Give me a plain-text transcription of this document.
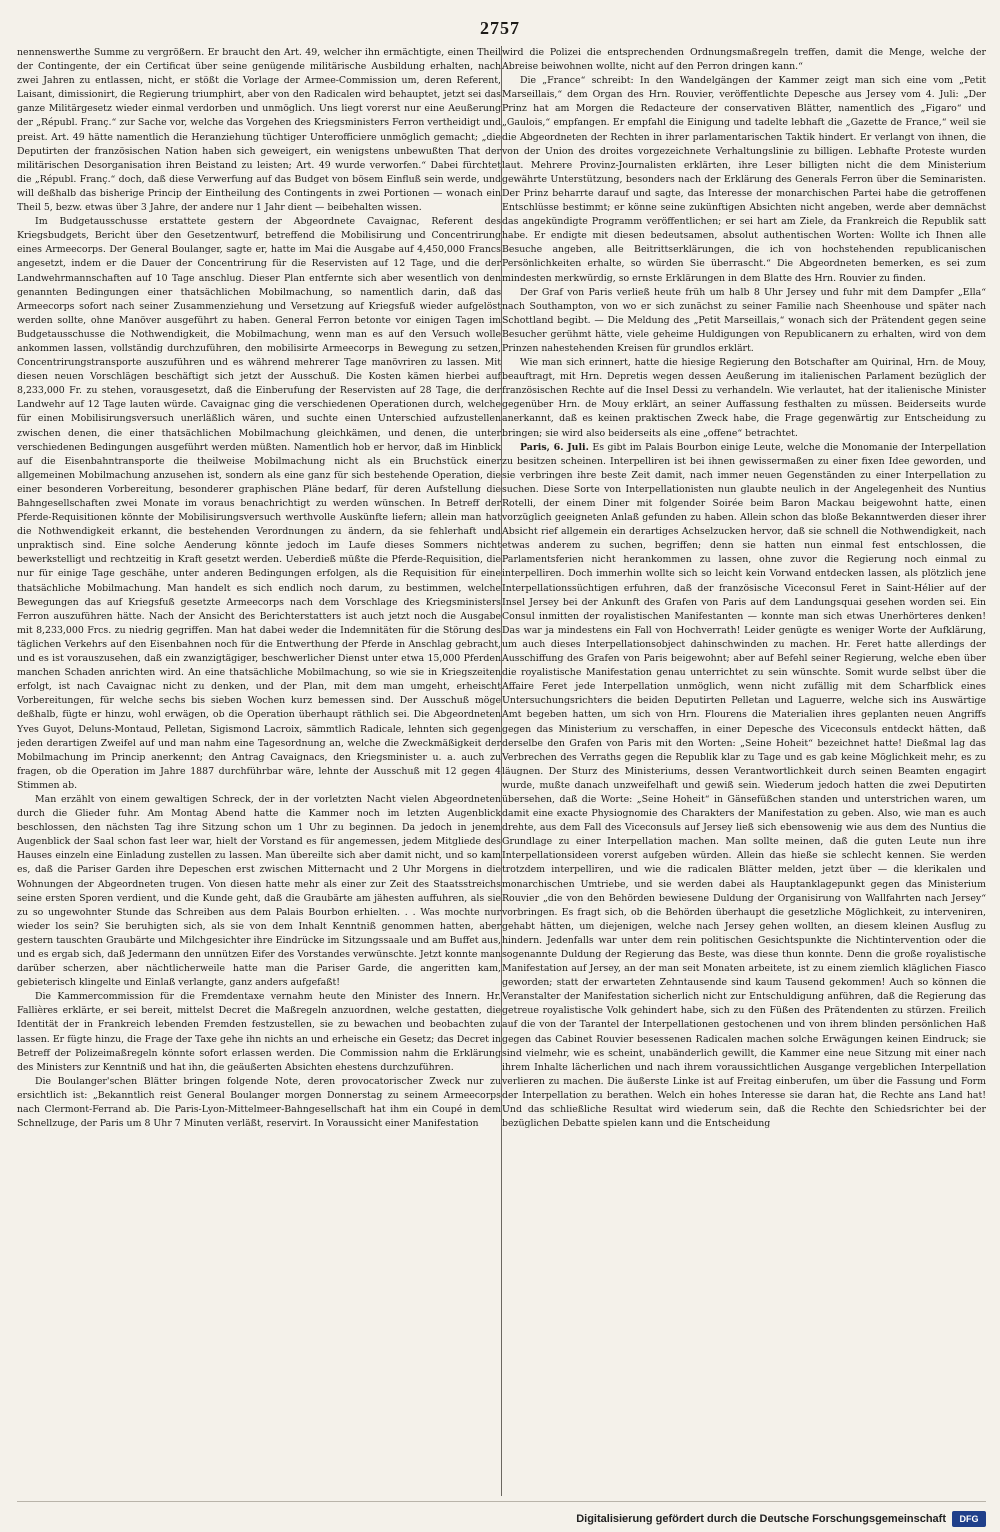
2757

nennenswerthe Summe zu vergrößern. Er braucht den Art. 49, welcher ihn ermächtigte, einen Theil der Contingente, der ein Certificat über seine genügende militärische Ausbildung erhalten, nach zwei Jahren zu entlassen, nicht, er stößt die Vorlage der Armee-Commission um, deren Referent, Laisant, dimissionirt, die Regierung triumphirt, aber von den Radicalen wird behauptet, jetzt sei das ganze Militärgesetz wieder einmal verdorben und unmöglich. Uns liegt vorerst nur eine Aeußerung der „Républ. Franç.“ zur Sache vor, welche das Vorgehen des Kriegsministers Ferron vertheidigt und preist. Art. 49 hätte namentlich die Heranziehung tüchtiger Unterofficiere unmöglich gemacht; „die Deputirten der französischen Nation haben sich geweigert, ein wenigstens unbewußten That der militärischen Desorganisation ihren Beistand zu leisten; Art. 49 wurde verworfen.“ Dabei fürchtet die „Républ. Franç.“ doch, daß diese Verwerfung auf das Budget von bösem Einfluß sein werde, und will deßhalb das bisherige Princip der Eintheilung des Contingents in zwei Portionen — wonach ein Theil 5, bezw. etwas über 3 Jahre, der andere nur 1 Jahr dient — beibehalten wissen.

Im Budgetausschusse erstattete gestern der Abgeordnete Cavaignac, Referent des Kriegsbudgets, Bericht über den Gesetzentwurf, betreffend die Mobilisirung und Concentrirung eines Armeecorps. Der General Boulanger, sagte er, hatte im Mai die Ausgabe auf 4,450,000 Francs angesetzt, indem er die Dauer der Concentrirung für die Reservisten auf 12 Tage, und die der Landwehrmannschaften auf 10 Tage anschlug. Dieser Plan entfernte sich aber wesentlich von den genannten Bedingungen einer thatsächlichen Mobilmachung, so namentlich darin, daß das Armeecorps sofort nach seiner Zusammenziehung und Versetzung auf Kriegsfuß wieder aufgelöst werden sollte, ohne Manöver ausgeführt zu haben. General Ferron betonte vor einigen Tagen im Budgetausschusse die Nothwendigkeit, die Mobilmachung, wenn man es auf den Versuch wolle ankommen lassen, vollständig durchzuführen, den mobilisirte Armeecorps in Bewegung zu setzen, Concentrirungstransporte auszuführen und es während mehrerer Tage manövriren zu lassen. Mit diesen neuen Vorschlägen beschäftigt sich jetzt der Ausschuß. Die Kosten kämen hierbei auf 8,233,000 Fr. zu stehen, vorausgesetzt, daß die Einberufung der Reservisten auf 28 Tage, die der Landwehr auf 12 Tage lauten würde. Cavaignac ging die verschiedenen Operationen durch, welche für einen Mobilisirungsversuch unerläßlich wären, und suchte einen Unterschied aufzustellen zwischen denen, die einer thatsächlichen Mobilmachung gleichkämen, und denen, die unter verschiedenen Bedingungen ausgeführt werden müßten. Namentlich hob er hervor, daß im Hinblick auf die Eisenbahntransporte die theilweise Mobilmachung nicht als ein Bruchstück einer allgemeinen Mobilmachung anzusehen ist, sondern als eine ganz für sich bestehende Operation, die einer besonderen Vorbereitung, besonderer graphischen Pläne bedarf, für deren Aufstellung die Bahngesellschaften zwei Monate im voraus benachrichtigt zu werden wünschen. In Betreff der Pferde-Requisitionen könnte der Mobilisirungsversuch werthvolle Auskünfte liefern; allein man hat die Nothwendigkeit erkannt, die bestehenden Verordnungen zu ändern, da sie fehlerhaft und unpraktisch sind. Eine solche Aenderung könnte jedoch im Laufe dieses Sommers nicht bewerkstelligt und rechtzeitig in Kraft gesetzt werden. Ueberdieß müßte die Pferde-Requisition, die nur für einige Tage geschähe, unter anderen Bedingungen erfolgen, als die Requisition für eine thatsächliche Mobilmachung. Man handelt es sich endlich noch darum, zu bestimmen, welche Bewegungen das auf Kriegsfuß gesetzte Armeecorps nach dem Vorschlage des Kriegsministers Ferron auszuführen hätte. Nach der Ansicht des Berichterstatters ist auch jetzt noch die Ausgabe mit 8,233,000 Frcs. zu niedrig gegriffen. Man hat dabei weder die Indemnitäten für die Störung des täglichen Verkehrs auf den Eisenbahnen noch für die Entwerthung der Pferde in Anschlag gebracht, und es ist vorauszusehen, daß ein zwanzigtägiger, beschwerlicher Dienst unter etwa 15,000 Pferden manchen Schaden anrichten wird. An eine thatsächliche Mobilmachung, so wie sie in Kriegszeiten erfolgt, ist nach Cavaignac nicht zu denken, und der Plan, mit dem man umgeht, erheischt Vorbereitungen, für welche sechs bis sieben Wochen kurz bemessen sind. Der Ausschuß möge deßhalb, fügte er hinzu, wohl erwägen, ob die Operation überhaupt räthlich sei. Die Abgeordneten Yves Guyot, Deluns-Montaud, Pelletan, Sigismond Lacroix, sämmtlich Radicale, lehnten sich gegen jeden derartigen Zweifel auf und man nahm eine Tagesordnung an, welche die Zweckmäßigkeit der Mobilmachung im Princip anerkennt; den Antrag Cavaignacs, den Kriegsminister u. a. auch zu fragen, ob die Operation im Jahre 1887 durchführbar wäre, lehnte der Ausschuß mit 12 gegen 4 Stimmen ab.

Man erzählt von einem gewaltigen Schreck, der in der vorletzten Nacht vielen Abgeordneten durch die Glieder fuhr. Am Montag Abend hatte die Kammer noch im letzten Augenblick beschlossen, den nächsten Tag ihre Sitzung schon um 1 Uhr zu beginnen. Da jedoch in jenem Augenblick der Saal schon fast leer war, hielt der Vorstand es für angemessen, jedem Mitgliede des Hauses einzeln eine Einladung zustellen zu lassen. Man übereilte sich aber damit nicht, und so kam es, daß die Pariser Garden ihre Depeschen erst zwischen Mitternacht und 2 Uhr Morgens in die Wohnungen der Abgeordneten trugen. Von diesen hatte mehr als einer zur Zeit des Staatsstreichs seine ersten Sporen verdient, und die Kunde geht, daß die Graubärte am jähesten auffuhren, als sie zu so ungewohnter Stunde das Schreiben aus dem Palais Bourbon erhielten. . . Was mochte nur wieder los sein? Sie beruhigten sich, als sie von dem Inhalt Kenntniß genommen hatten, aber gestern tauschten Graubärte und Milchgesichter ihre Eindrücke im Sitzungssaale und am Buffet aus, und es ergab sich, daß Jedermann den unnützen Eifer des Vorstandes verwünschte. Jetzt konnte man darüber scherzen, aber nächtlicherweile hatte man die Pariser Garde, die angeritten kam, gebieterisch klingelte und Einlaß verlangte, ganz anders aufgefaßt!

Die Kammercommission für die Fremdentaxe vernahm heute den Minister des Innern. Hr. Fallières erklärte, er sei bereit, mittelst Decret die Maßregeln anzuordnen, welche gestatten, die Identität der in Frankreich lebenden Fremden festzustellen, sie zu bewachen und beobachten zu lassen. Er fügte hinzu, die Frage der Taxe gehe ihn nichts an und erheische ein Gesetz; das Decret in Betreff der Polizeimaßregeln könnte sofort erlassen werden. Die Commission nahm die Erklärung des Ministers zur Kenntniß und hat ihn, die geäußerten Absichten ehestens durchzuführen.

Die Boulanger'schen Blätter bringen folgende Note, deren provocatorischer Zweck nur zu ersichtlich ist: „Bekanntlich reist General Boulanger morgen Donnerstag zu seinem Armeecorps nach Clermont-Ferrand ab. Die Paris-Lyon-Mittelmeer-Bahngesellschaft hat ihm ein Coupé in dem Schnellzuge, der Paris um 8 Uhr 7 Minuten verläßt, reservirt. In Voraussicht einer Manifestation

wird die Polizei die entsprechenden Ordnungsmaßregeln treffen, damit die Menge, welche der Abreise beiwohnen wollte, nicht auf den Perron dringen kann.“

Die „France“ schreibt: In den Wandelgängen der Kammer zeigt man sich eine vom „Petit Marseillais,“ dem Organ des Hrn. Rouvier, veröffentlichte Depesche aus Jersey vom 4. Juli: „Der Prinz hat am Morgen die Redacteure der conservativen Blätter, namentlich des „Figaro“ und „Gaulois,“ empfangen. Er empfahl die Einigung und tadelte lebhaft die „Gazette de France,“ weil sie die Abgeordneten der Rechten in ihrer parlamentarischen Taktik hindert. Er verlangt von ihnen, die von der Union des droites vorgezeichnete Verhaltungslinie zu billigen. Lebhafte Proteste wurden laut. Mehrere Provinz-Journalisten erklärten, ihre Leser billigten nicht die dem Ministerium gewährte Unterstützung, besonders nach der Erklärung des Generals Ferron über die Seminaristen. Der Prinz beharrte darauf und sagte, das Interesse der monarchischen Partei habe die getroffenen Entschlüsse bestimmt; er könne seine zukünftigen Absichten nicht angeben, werde aber demnächst das angekündigte Programm veröffentlichen; er sei hart am Ziele, da Frankreich die Republik satt habe. Er endigte mit diesen bedeutsamen, absolut authentischen Worten: Wollte ich Ihnen alle Besuche angeben, alle Beitrittserklärungen, die ich von hochstehenden republicanischen Persönlichkeiten erhalte, so würden Sie überrascht.“ Die Abgeordneten bemerken, es sei zum mindesten merkwürdig, so ernste Erklärungen in dem Blatte des Hrn. Rouvier zu finden.

Der Graf von Paris verließ heute früh um halb 8 Uhr Jersey und fuhr mit dem Dampfer „Ella“ nach Southampton, von wo er sich zunächst zu seiner Familie nach Sheenhouse und später nach Schottland begibt. — Die Meldung des „Petit Marseillais,“ wonach sich der Prätendent gegen seine Besucher gerühmt hätte, viele geheime Huldigungen von Republicanern zu erhalten, wird von dem Prinzen nahestehenden Kreisen für grundlos erklärt.

Wie man sich erinnert, hatte die hiesige Regierung den Botschafter am Quirinal, Hrn. de Mouy, beauftragt, mit Hrn. Depretis wegen dessen Aeußerung im italienischen Parlament bezüglich der französischen Rechte auf die Insel Dessi zu verhandeln. Wie verlautet, hat der italienische Minister gegenüber Hrn. de Mouy erklärt, an seiner Auffassung festhalten zu müssen. Beiderseits wurde anerkannt, daß es keinen praktischen Zweck habe, die Frage gegenwärtig zur Entscheidung zu bringen; sie wird also beiderseits als eine „offene“ betrachtet.

Paris, 6. Juli. Es gibt im Palais Bourbon einige Leute, welche die Monomanie der Interpellation zu besitzen scheinen. Interpelliren ist bei ihnen gewissermaßen zu einer fixen Idee geworden, und sie verbringen ihre beste Zeit damit, nach immer neuen Gegenständen zu einer Interpellation zu suchen. Diese Sorte von Interpellationisten nun glaubte neulich in der Angelegenheit des Nuntius Rotelli, der einem Diner mit folgender Soirée beim Baron Mackau beigewohnt hatte, einen vorzüglich geeigneten Anlaß gefunden zu haben. Allein schon das bloße Bekanntwerden dieser ihrer Absicht rief allgemein ein derartiges Achselzucken hervor, daß sie schnell die Nothwendigkeit, nach etwas anderem zu suchen, begriffen; denn sie hatten nun einmal fest entschlossen, die Parlamentsferien nicht herankommen zu lassen, ohne zuvor die Regierung noch einmal zu interpelliren. Doch immerhin wollte sich so leicht kein Vorwand entdecken lassen, als plötzlich jene Interpellationssüchtigen erfuhren, daß der französische Viceconsul Feret in Saint-Hélier auf der Insel Jersey bei der Ankunft des Grafen von Paris auf dem Landungsquai gesehen worden sei. Ein Consul inmitten der royalistischen Manifestanten — konnte man sich etwas Unerhörteres denken! Das war ja mindestens ein Fall von Hochverrath! Leider genügte es weniger Worte der Aufklärung, um auch dieses Interpellationsobject dahinschwinden zu machen. Hr. Feret hatte allerdings der Ausschiffung des Grafen von Paris beigewohnt; aber auf Befehl seiner Regierung, welche eben über die royalistische Manifestation genau unterrichtet zu sein wünschte. Somit wurde selbst über die Affaire Feret jede Interpellation unmöglich, wenn nicht zufällig mit dem Scharfblick eines Untersuchungsrichters die beiden Deputirten Pelletan und Laguerre, welche sich ins Auswärtige Amt begeben hatten, um sich von Hrn. Flourens die Materialien ihres geplanten neuen Angriffs gegen das Ministerium zu verschaffen, in einer Depesche des Viceconsuls entdeckt hätten, daß derselbe den Grafen von Paris mit den Worten: „Seine Hoheit“ bezeichnet hatte! Dießmal lag das Verbrechen des Verraths gegen die Republik klar zu Tage und es gab keine Möglichkeit mehr, es zu läugnen. Der Sturz des Ministeriums, dessen Verantwortlichkeit durch seinen Beamten engagirt wurde, mußte danach unzweifelhaft und gewiß sein. Wiederum jedoch hatten die zwei Deputirten übersehen, daß die Worte: „Seine Hoheit“ in Gänsefüßchen standen und unterstrichen waren, um damit eine exacte Physiognomie des Charakters der Manifestation zu geben. Also, wie man es auch drehte, aus dem Fall des Viceconsuls auf Jersey ließ sich ebensowenig wie aus dem des Nuntius die Grundlage zu einer Interpellation machen. Man sollte meinen, daß die guten Leute nun ihre Interpellationsideen vorerst aufgeben würden. Allein das hieße sie schlecht kennen. Sie werden trotzdem interpelliren, und wie die radicalen Blätter melden, jetzt über — die klerikalen und monarchischen Umtriebe, und sie werden dabei als Hauptanklagepunkt gegen das Ministerium Rouvier „die von den Behörden bewiesene Duldung der Organisirung von Wallfahrten nach Jersey“ vorbringen. Es fragt sich, ob die Behörden überhaupt die gesetzliche Möglichkeit, zu interveniren, gehabt hätten, um diejenigen, welche nach Jersey gehen wollten, an diesem kleinen Ausflug zu hindern. Jedenfalls war unter dem rein politischen Gesichtspunkte die Nichtintervention oder die sogenannte Duldung der Regierung das Beste, was diese thun konnte. Denn die große royalistische Manifestation auf Jersey, an der man seit Monaten arbeitete, ist zu einem ziemlich kläglichen Fiasco geworden; statt der erwarteten Zehntausende sind kaum Tausend gekommen! Auch so können die Veranstalter der Manifestation sicherlich nicht zur Entschuldigung anführen, daß die Regierung das getreue royalistische Volk gehindert habe, sich zu den Füßen des Prätendenten zu stürzen. Freilich auf die von der Tarantel der Interpellationen gestochenen und von ihrem blinden persönlichen Haß gegen das Cabinet Rouvier besessenen Radicalen machen solche Erwägungen keinen Eindruck; sie sind vielmehr, wie es scheint, unabänderlich gewillt, die Kammer eine neue Sitzung mit einer nach ihrem Inhalte lächerlichen und nach ihrem voraussichtlichen Ausgange vergeblichen Interpellation verlieren zu machen. Die äußerste Linke ist auf Freitag einberufen, um über die Fassung und Form der Interpellation zu berathen. Welch ein hohes Interesse sie daran hat, die Rechte ans Land hat! Und das schließliche Resultat wird wiederum sein, daß die Rechte den Schiedsrichter bei der bezüglichen Debatte spielen kann und die Entscheidung

Digitalisierung gefördert durch die Deutsche Forschungsgemeinschaft	DFG
